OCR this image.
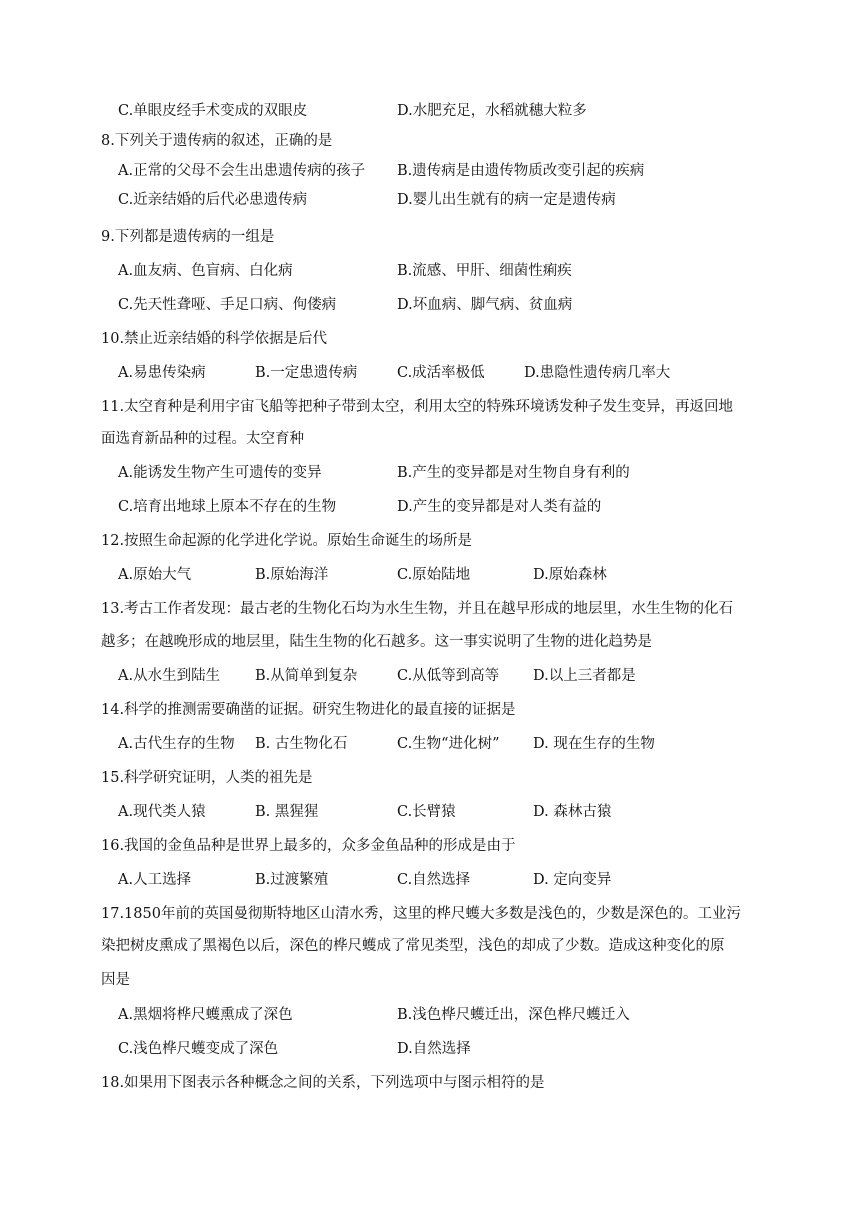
C.单眼皮经手术变成的双眼皮	D.水肥充足，水稻就穗大粒多
8.下列关于遗传病的叙述，正确的是
A.正常的父母不会生出患遗传病的孩子 B.遗传病是由遗传物质改变引起的疾病
C.近亲结婚的后代必患遗传病	D.婴儿出生就有的病一定是遗传病
9.下列都是遗传病的一组是
A.血友病、色盲病、白化病	B.流感、甲肝、细菌性痢疾
C.先天性聋哑、手足口病、佝偻病	D.坏血病、脚气病、贫血病
10.禁止近亲结婚的科学依据是后代
A.易患传染病	B.一定患遗传病	C.成活率极低	D.患隐性遗传病几率大
11.太空育种是利用宇宙飞船等把种子带到太空，利用太空的特殊环境诱发种子发生变异，再返回地
面选育新品种的过程。太空育种
A.能诱发生物产生可遗传的变异	B.产生的变异都是对生物自身有利的
C.培育出地球上原本不存在的生物	D.产生的变异都是对人类有益的
12.按照生命起源的化学进化学说。原始生命诞生的场所是
A.原始大气	B.原始海洋	C.原始陆地	D.原始森林
13.考古工作者发现：最古老的生物化石均为水生生物，并且在越早形成的地层里，水生生物的化石
越多；在越晚形成的地层里，陆生生物的化石越多。这一事实说明了生物的进化趋势是
A.从水生到陆生 B.从简单到复杂	C.从低等到高等 D.以上三者都是
14.科学的推测需要确凿的证据。研究生物进化的最直接的证据是
A.古代生存的生物 B. 古生物化石	C.生物“进化树” D. 现在生存的生物
15.科学研究证明，人类的祖先是
A.现代类人猿	B. 黑猩猩	C.长臂猿	D. 森林古猿
16.我国的金鱼品种是世界上最多的，众多金鱼品种的形成是由于
A.人工选择	B.过渡繁殖	C.自然选择	D. 定向变异
17.1850年前的英国曼彻斯特地区山清水秀，这里的桦尺蠖大多数是浅色的，少数是深色的。工业污
染把树皮熏成了黑褐色以后，深色的桦尺蠖成了常见类型，浅色的却成了少数。造成这种变化的原
因是
A.黑烟将桦尺蠖熏成了深色	B.浅色桦尺蠖迁出，深色桦尺蠖迁入
C.浅色桦尺蠖变成了深色	D.自然选择
18.如果用下图表示各种概念之间的关系，下列选项中与图示相符的是
